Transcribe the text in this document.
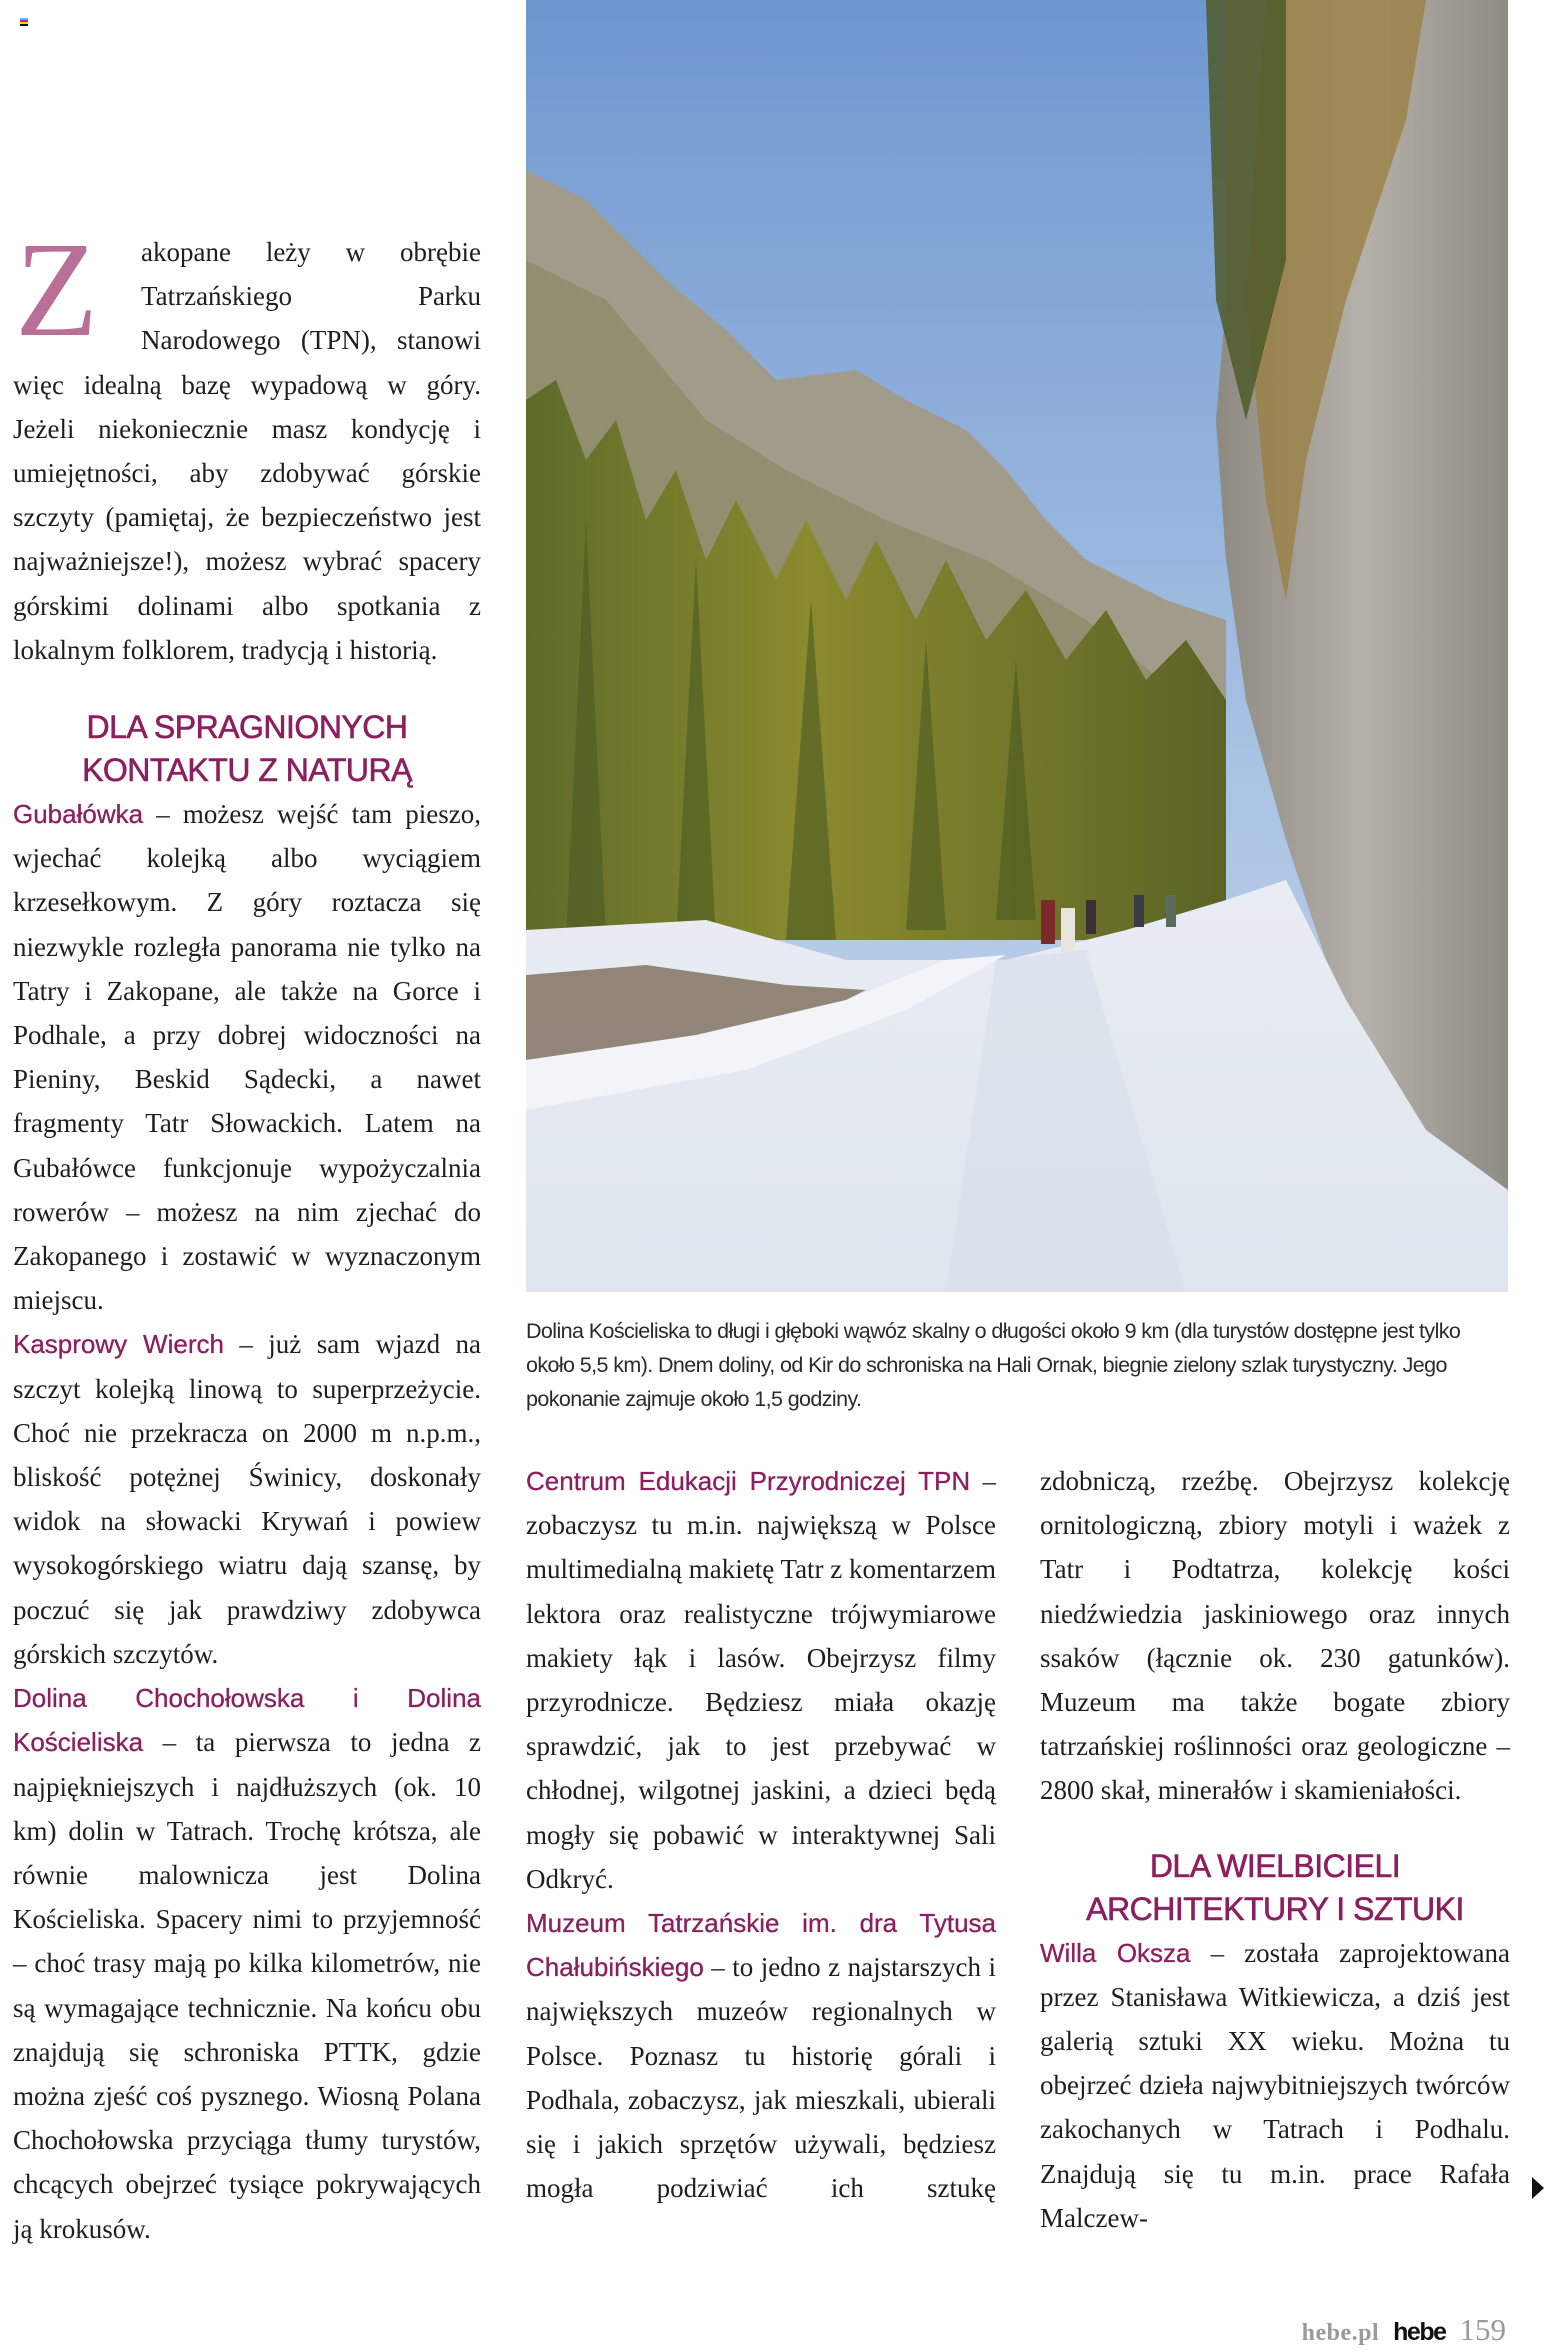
Z	akopane leży w obrębie Tatrzańskiego Parku Narodowego (TPN), stanowi więc idealną bazę wypadową w góry. Jeżeli niekoniecznie masz kondycję i umiejętności, aby zdobywać górskie szczyty (pamiętaj, że bezpieczeństwo jest najważniejsze!), możesz wybrać spacery górskimi dolinami albo spotkania z lokalnym folklorem, tradycją i historią.

DLA SPRAGNIONYCH
KONTAKTU Z NATURĄ

Gubałówka – możesz wejść tam pieszo, wjechać kolejką albo wyciągiem krzesełkowym. Z góry roztacza się niezwykle rozległa panorama nie tylko na Tatry i Zakopane, ale także na Gorce i Podhale, a przy dobrej widoczności na Pieniny, Beskid Sądecki, a nawet fragmenty Tatr Słowackich. Latem na Gubałówce funkcjonuje wypożyczalnia rowerów – możesz na nim zjechać do Zakopanego i zostawić w wyznaczonym miejscu.

Kasprowy Wierch – już sam wjazd na szczyt kolejką linową to superprzeżycie. Choć nie przekracza on 2000 m n.p.m., bliskość potężnej Świnicy, doskonały widok na słowacki Krywań i powiew wysokogórskiego wiatru dają szansę, by poczuć się jak prawdziwy zdobywca górskich szczytów.

Dolina Chochołowska i Dolina Kościeliska – ta pierwsza to jedna z najpiękniejszych i najdłuższych (ok. 10 km) dolin w Tatrach. Trochę krótsza, ale równie malownicza jest Dolina Kościeliska. Spacery nimi to przyjemność – choć trasy mają po kilka kilometrów, nie są wymagające technicznie. Na końcu obu znajdują się schroniska PTTK, gdzie można zjeść coś pysznego. Wiosną Polana Chochołowska przyciąga tłumy turystów, chcących obejrzeć tysiące pokrywających ją krokusów.

Dolina Kościeliska to długi i głęboki wąwóz skalny o długości około 9 km (dla turystów dostępne jest tylko około 5,5 km). Dnem doliny, od Kir do schroniska na Hali Ornak, biegnie zielony szlak turystyczny. Jego pokonanie zajmuje około 1,5 godziny.

Centrum Edukacji Przyrodniczej TPN – zobaczysz tu m.in. największą w Polsce multimedialną makietę Tatr z komentarzem lektora oraz realistyczne trójwymiarowe makiety łąk i lasów. Obejrzysz filmy przyrodnicze. Będziesz miała okazję sprawdzić, jak to jest przebywać w chłodnej, wilgotnej jaskini, a dzieci będą mogły się pobawić w interaktywnej Sali Odkryć.

Muzeum Tatrzańskie im. dra Tytusa Chałubińskiego – to jedno z najstarszych i największych muzeów regionalnych w Polsce. Poznasz tu historię górali i Podhala, zobaczysz, jak mieszkali, ubierali się i jakich sprzętów używali, będziesz mogła podziwiać ich sztukę

zdobniczą, rzeźbę. Obejrzysz kolekcję ornitologiczną, zbiory motyli i ważek z Tatr i Podtatrza, kolekcję kości niedźwiedzia jaskiniowego oraz innych ssaków (łącznie ok. 230 gatunków). Muzeum ma także bogate zbiory tatrzańskiej roślinności oraz geologiczne – 2800 skał, minerałów i skamieniałości.

DLA WIELBICIELI
ARCHITEKTURY I SZTUKI

Willa Oksza – została zaprojektowana przez Stanisława Witkiewicza, a dziś jest galerią sztuki XX wieku. Można tu obejrzeć dzieła najwybitniejszych twórców zakochanych w Tatrach i Podhalu. Znajdują się tu m.in. prace Rafała Malczew-

hebe.pl hebe 159
